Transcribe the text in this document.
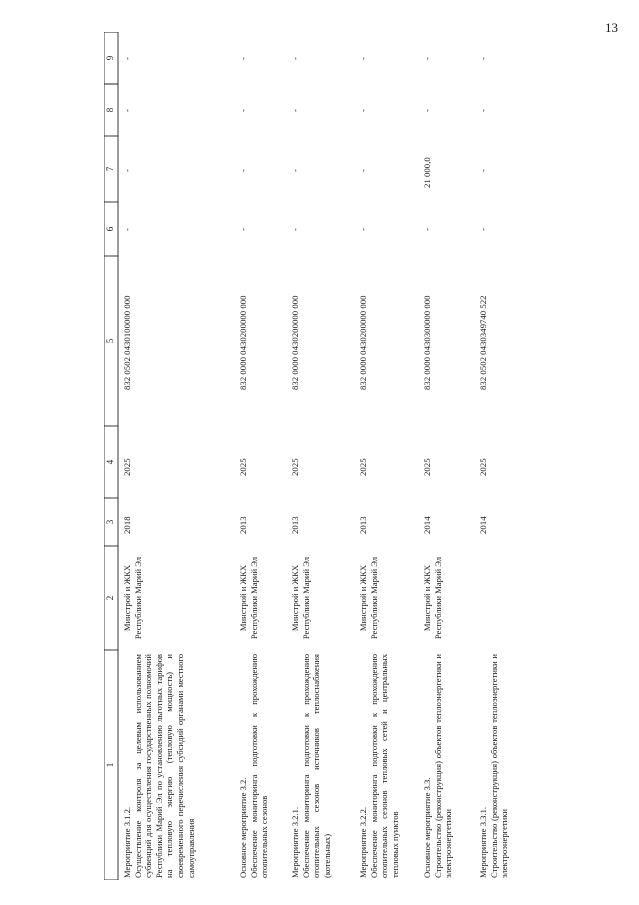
13
1
2
3
4
5
6
7
8
9
Мероприятие 3.1.2. Осуществление контроля за целевым использованием субвенций для осуществления государственных полномочий Республики Марий Эл по установлению льготных тарифов на тепловую энергию (тепловую мощность) и своевременного перечисления субсидий органами местного самоуправления
Минстрой и ЖКХ Республики Марий Эл
2018
2025
832 0502 0430100000 000
-
-
-
-
Основное мероприятие 3.2. Обеспечение мониторинга подготовки к прохождению отопительных сезонов
Минстрой и ЖКХ Республики Марий Эл
2013
2025
832 0000 0430200000 000
-
-
-
-
Мероприятие 3.2.1. Обеспечение мониторинга подготовки к прохождению отопительных сезонов источников теплоснабжения (котельных)
Минстрой и ЖКХ Республики Марий Эл
2013
2025
832 0000 0430200000 000
-
-
-
-
Мероприятие 3.2.2. Обеспечение мониторинга подготовки к прохождению отопительных сезонов тепловых сетей и центральных тепловых пунктов
Минстрой и ЖКХ Республики Марий Эл
2013
2025
832 0000 0430200000 000
-
-
-
-
Основное мероприятие 3.3. Строительство (реконструкция) объектов теплоэнергетики и электроэнергетики
Минстрой и ЖКХ Республики Марий Эл
2014
2025
832 0000 0430300000 000
-
21 000,0
-
-
Мероприятие 3.3.1. Строительство (реконструкция) объектов теплоэнергетики и электроэнергетики
2014
2025
832 0502 0430349740 522
-
-
-
-
